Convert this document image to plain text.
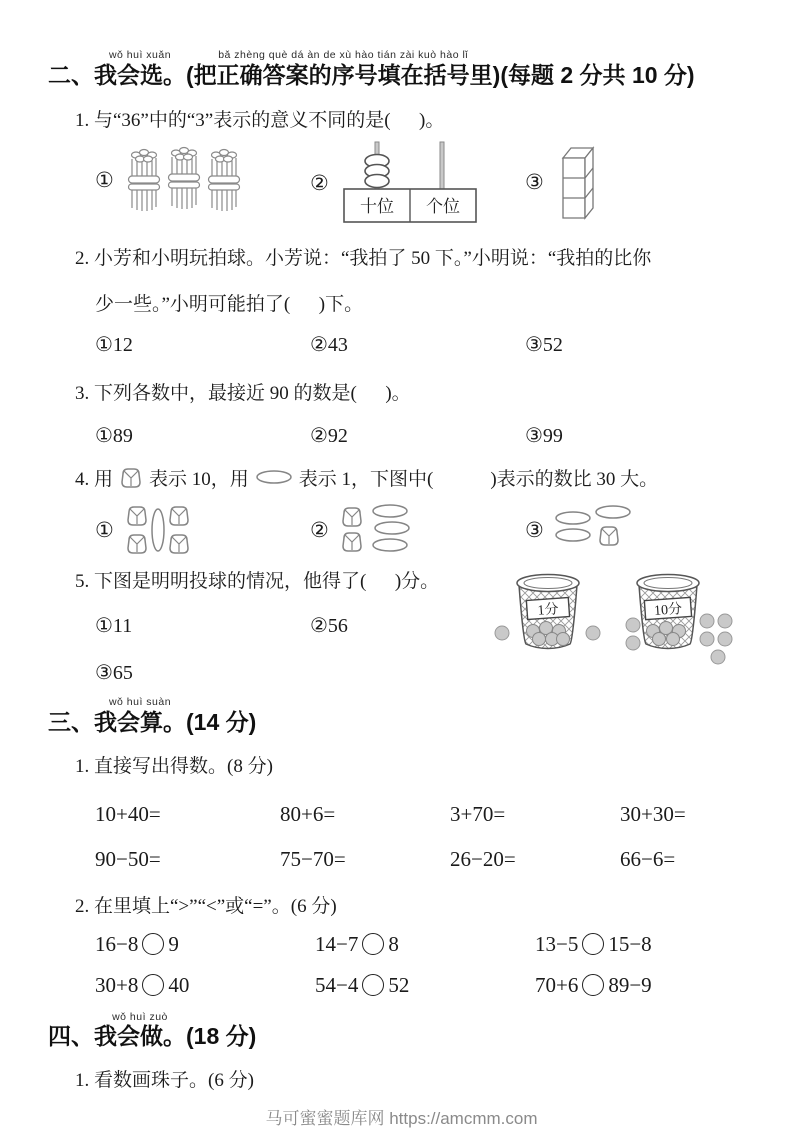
二、
wǒ huì xuǎn
我会选。
bǎ zhèng què dá àn de xù hào tián zài kuò hào lǐ
(把正确答案的序号填在括号里) (每题 2 分共 10 分)
1. 与“36”中的“3”表示的意义不同的是(      )。
①	②
十位 个位
③
2. 小芳和小明玩拍球。小芳说：“我拍了 50 下。”小明说：“我拍的比你
少一些。”小明可能拍了(      )下。
①12	②43	③52
3. 下列各数中，最接近 90 的数是(      )。
①89	②92	③99
4. 用 表示 10，用	表示 1，下图中(            )表示的数比 30 大。
①	②	③
5. 下图是明明投球的情况，他得了(      )分。
①11	②56
③65
1分	10分
三、
wǒ huì suàn
我会算。 (14 分)
1. 直接写出得数。(8 分)
10+40=	80+6=	3+70=	30+30=
90−50=	75−70=	26−20=	66−6=
2. 在里填上“>”“<”或“=”。(6 分)
16−8 9	14−7 8	13−5 15−8
30+8 40	54−4 52	70+6 89−9
四、
wǒ huì zuò
我会做。 (18 分)
1. 看数画珠子。(6 分)
马可蜜蜜题库网 https://amcmm.com
